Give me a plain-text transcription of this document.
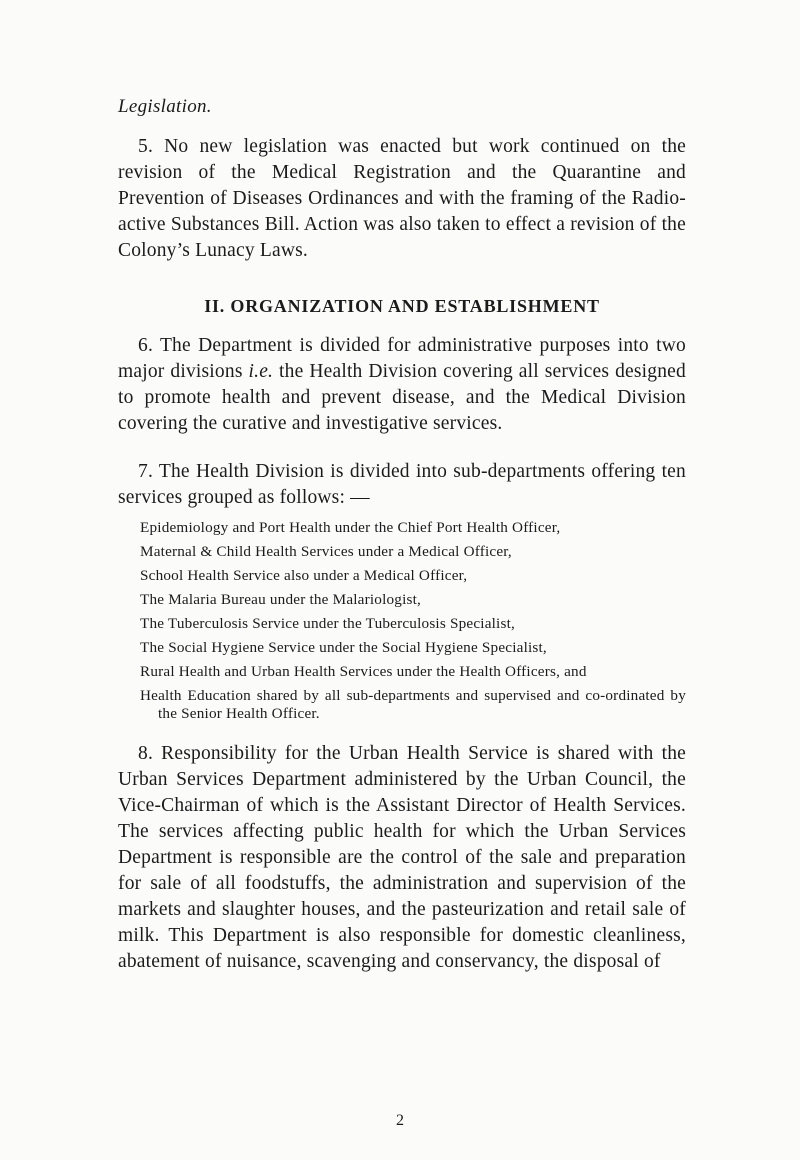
Legislation.

5. No new legislation was enacted but work continued on the revision of the Medical Registration and the Quarantine and Prevention of Diseases Ordinances and with the framing of the Radio-active Substances Bill. Action was also taken to effect a revision of the Colony’s Lunacy Laws.

II. ORGANIZATION AND ESTABLISHMENT

6. The Department is divided for administrative purposes into two major divisions i.e. the Health Division covering all services designed to promote health and prevent disease, and the Medical Division covering the curative and investigative services.

7. The Health Division is divided into sub-departments offering ten services grouped as follows: —

Epidemiology and Port Health under the Chief Port Health Officer,
Maternal & Child Health Services under a Medical Officer,
School Health Service also under a Medical Officer,
The Malaria Bureau under the Malariologist,
The Tuberculosis Service under the Tuberculosis Specialist,
The Social Hygiene Service under the Social Hygiene Specialist,
Rural Health and Urban Health Services under the Health Officers, and
Health Education shared by all sub-departments and supervised and co-ordinated by the Senior Health Officer.

8. Responsibility for the Urban Health Service is shared with the Urban Services Department administered by the Urban Council, the Vice-Chairman of which is the Assistant Director of Health Services. The services affecting public health for which the Urban Services Department is responsible are the control of the sale and preparation for sale of all foodstuffs, the administration and supervision of the markets and slaughter houses, and the pasteurization and retail sale of milk. This Department is also responsible for domestic cleanliness, abatement of nuisance, scavenging and conservancy, the disposal of

2
